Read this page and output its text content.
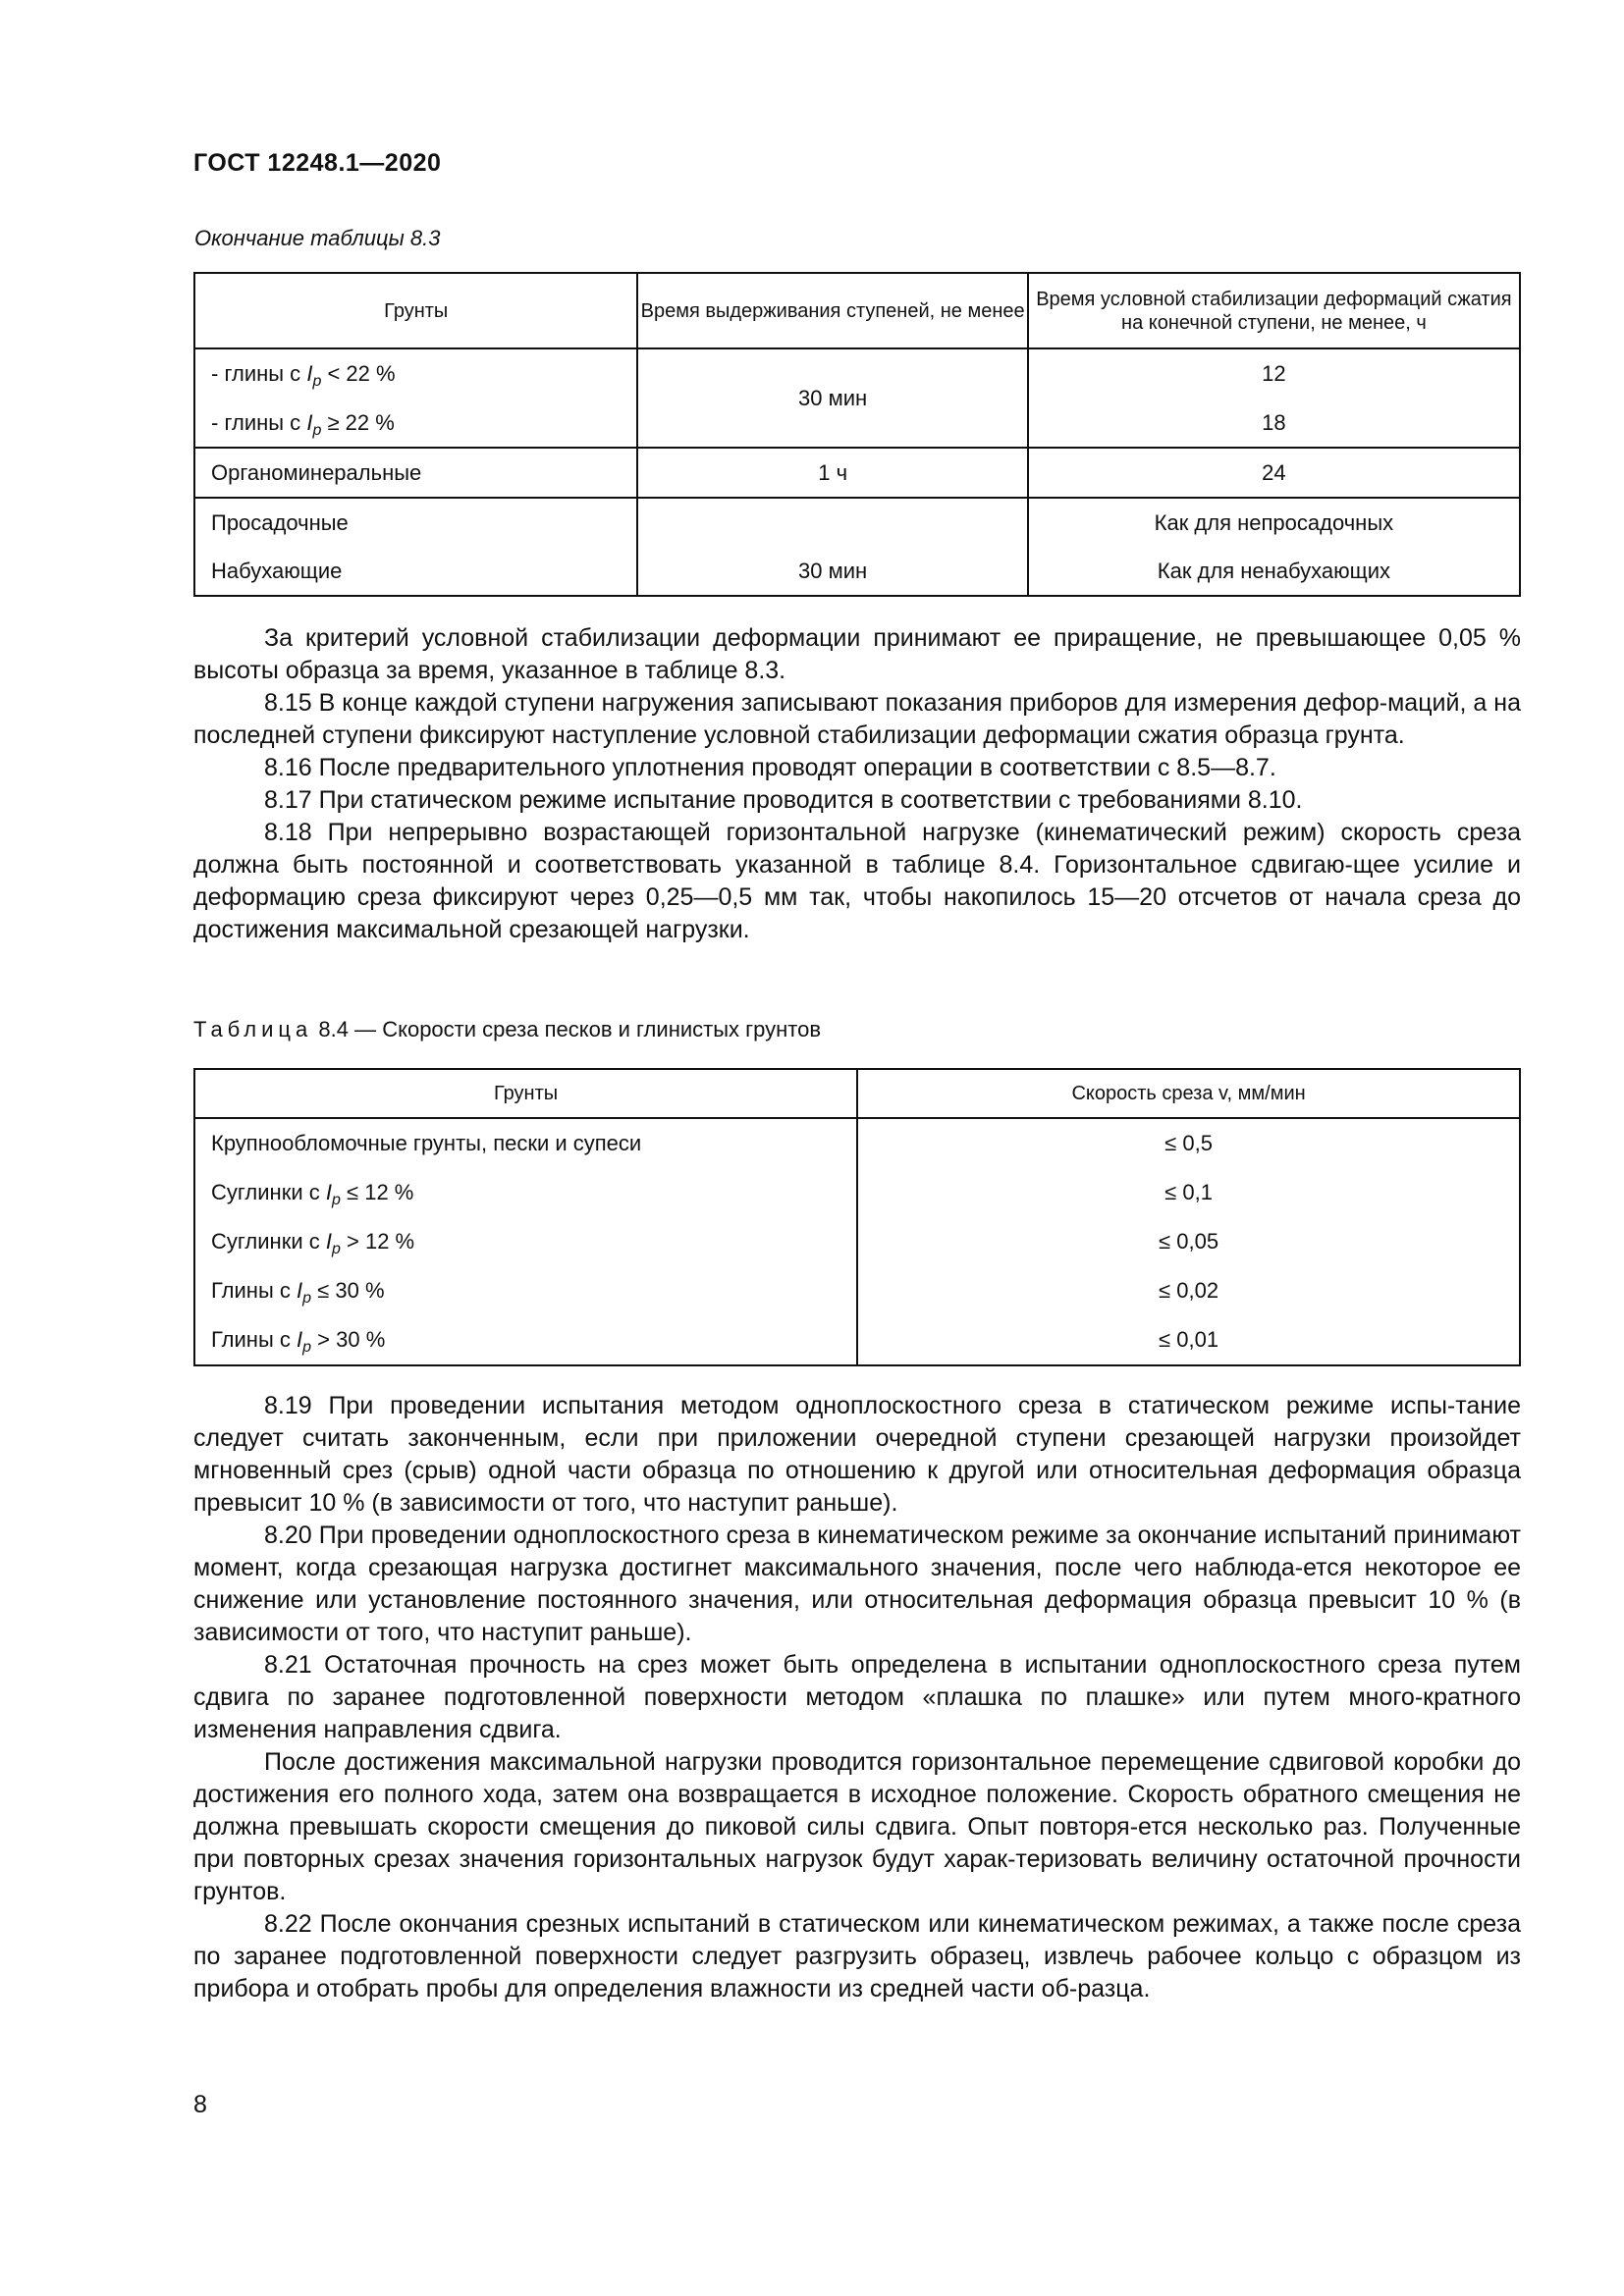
ГОСТ 12248.1—2020
Окончание таблицы 8.3
Грунты	Время выдерживания ступеней, не менее	Время условной стабилизации деформаций сжатия на конечной ступени, не менее, ч
- глины с $I_p < 22$ %	30 мин	12
- глины с $I_p \ge 22$ %		18
Органоминеральные	1 ч	24
Просадочные		Как для непросадочных
Набухающие	30 мин	Как для ненабухающих

За критерий условной стабилизации деформации принимают ее приращение, не превышающее 0,05 % высоты образца за время, указанное в таблице 8.3.

8.15 В конце каждой ступени нагружения записывают показания приборов для измерения дефор-маций, а на последней ступени фиксируют наступление условной стабилизации деформации сжатия образца грунта.

8.16 После предварительного уплотнения проводят операции в соответствии с 8.5—8.7.

8.17 При статическом режиме испытание проводится в соответствии с требованиями 8.10.

8.18 При непрерывно возрастающей горизонтальной нагрузке (кинематический режим) скорость среза должна быть постоянной и соответствовать указанной в таблице 8.4. Горизонтальное сдвигаю-щее усилие и деформацию среза фиксируют через 0,25—0,5 мм так, чтобы накопилось 15—20 отсчетов от начала среза до достижения максимальной срезающей нагрузки.

Таблица 8.4 — Скорости среза песков и глинистых грунтов
Грунты	Скорость среза v, мм/мин
Крупнообломочные грунты, пески и супеси	≤ 0,5
Суглинки с $I_p \le 12$ %	≤ 0,1
Суглинки с $I_p > 12$ %	≤ 0,05
Глины с $I_p \le 30$ %	≤ 0,02
Глины с $I_p > 30$ %	≤ 0,01

8.19 При проведении испытания методом одноплоскостного среза в статическом режиме испы-тание следует считать законченным, если при приложении очередной ступени срезающей нагрузки произойдет мгновенный срез (срыв) одной части образца по отношению к другой или относительная деформация образца превысит 10 % (в зависимости от того, что наступит раньше).

8.20 При проведении одноплоскостного среза в кинематическом режиме за окончание испытаний принимают момент, когда срезающая нагрузка достигнет максимального значения, после чего наблюда-ется некоторое ее снижение или установление постоянного значения, или относительная деформация образца превысит 10 % (в зависимости от того, что наступит раньше).

8.21 Остаточная прочность на срез может быть определена в испытании одноплоскостного среза путем сдвига по заранее подготовленной поверхности методом «плашка по плашке» или путем много-кратного изменения направления сдвига.

После достижения максимальной нагрузки проводится горизонтальное перемещение сдвиговой коробки до достижения его полного хода, затем она возвращается в исходное положение. Скорость обратного смещения не должна превышать скорости смещения до пиковой силы сдвига. Опыт повторя-ется несколько раз. Полученные при повторных срезах значения горизонтальных нагрузок будут харак-теризовать величину остаточной прочности грунтов.

8.22 После окончания срезных испытаний в статическом или кинематическом режимах, а также после среза по заранее подготовленной поверхности следует разгрузить образец, извлечь рабочее кольцо с образцом из прибора и отобрать пробы для определения влажности из средней части об-разца.

8
